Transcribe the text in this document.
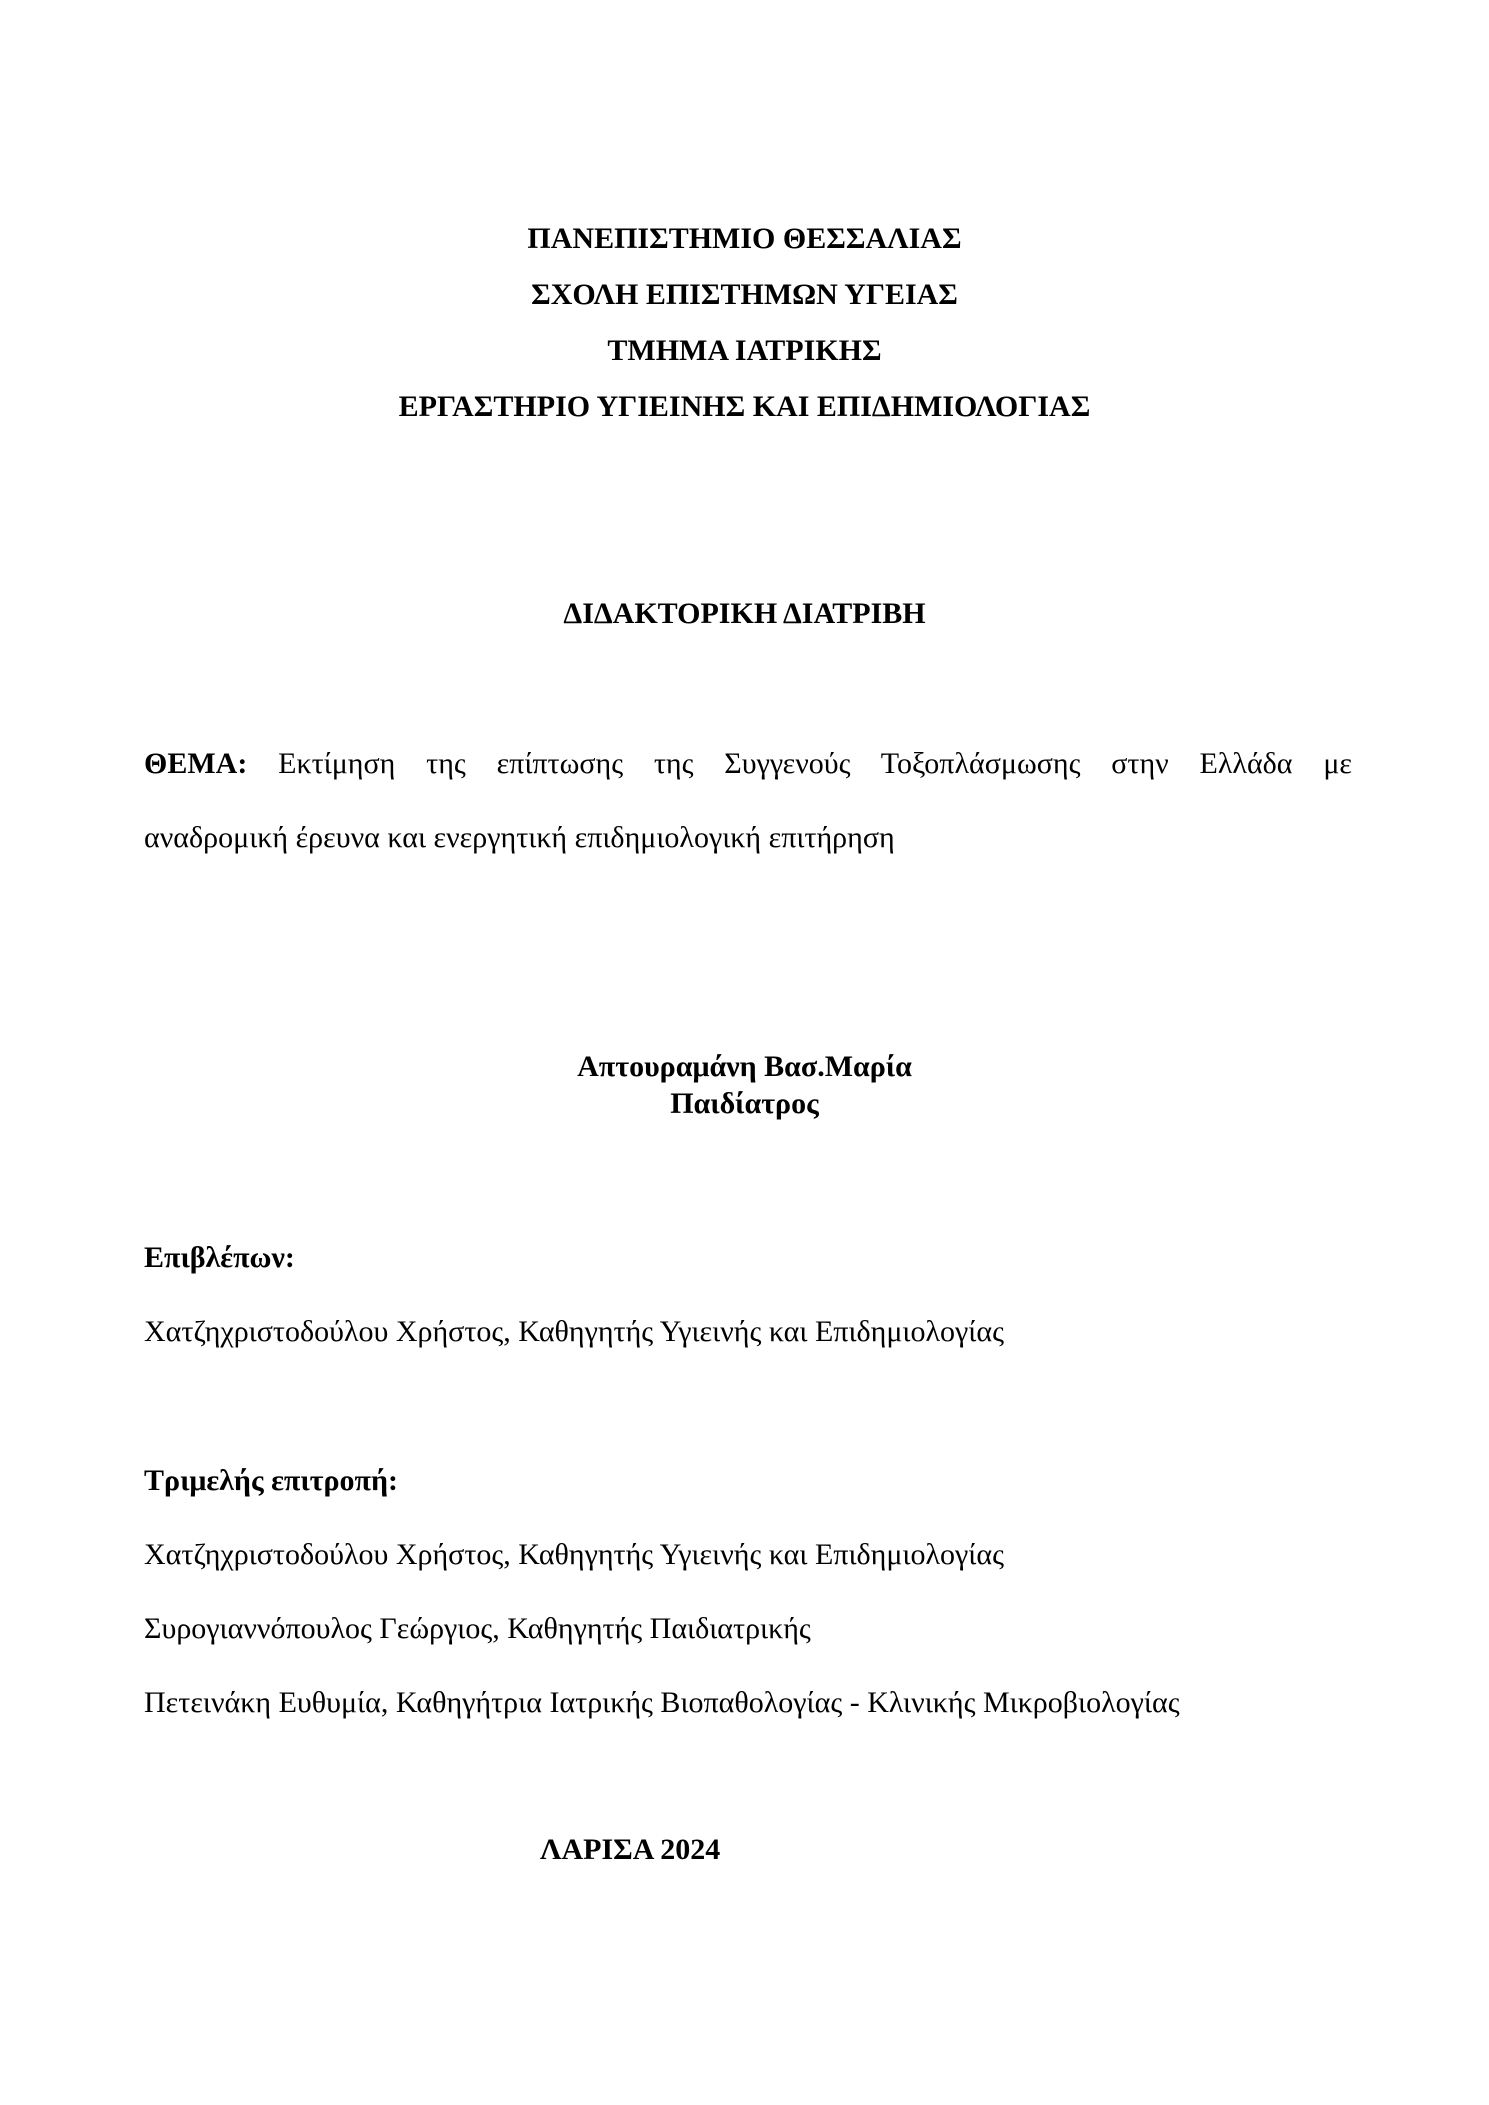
ΠΑΝΕΠΙΣΤΗΜΙΟ ΘΕΣΣΑΛΙΑΣ
ΣΧΟΛΗ ΕΠΙΣΤΗΜΩΝ ΥΓΕΙΑΣ
ΤΜΗΜΑ ΙΑΤΡΙΚΗΣ
ΕΡΓΑΣΤΗΡΙΟ ΥΓΙΕΙΝΗΣ ΚΑΙ ΕΠΙΔΗΜΙΟΛΟΓΙΑΣ
ΔΙΔΑΚΤΟΡΙΚΗ ΔΙΑΤΡΙΒΗ
ΘΕΜΑ: Εκτίμηση της επίπτωσης της Συγγενούς Τοξοπλάσμωσης στην Ελλάδα με
αναδρομική έρευνα και ενεργητική επιδημιολογική επιτήρηση
Απτουραμάνη Βασ.Μαρία
Παιδίατρος
Επιβλέπων:
Χατζηχριστοδούλου Χρήστος, Καθηγητής Υγιεινής και Επιδημιολογίας
Τριμελής επιτροπή:
Χατζηχριστοδούλου Χρήστος, Καθηγητής Υγιεινής και Επιδημιολογίας
Συρογιαννόπουλος Γεώργιος, Καθηγητής Παιδιατρικής
Πετεινάκη Ευθυμία, Καθηγήτρια Ιατρικής Βιοπαθολογίας - Κλινικής Μικροβιολογίας
ΛΑΡΙΣΑ 2024
